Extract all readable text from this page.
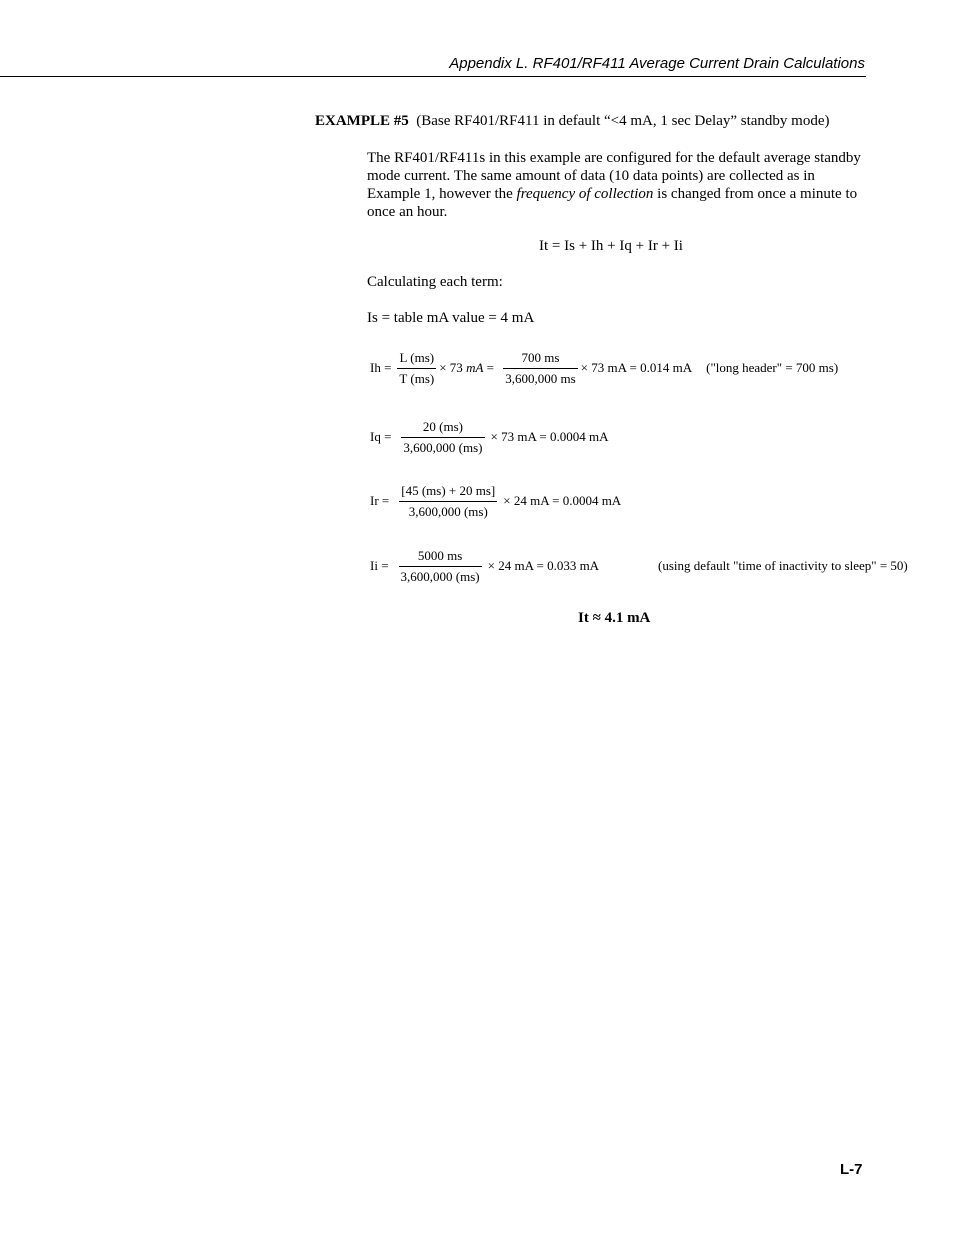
Appendix L. RF401/RF411 Average Current Drain Calculations
EXAMPLE #5 (Base RF401/RF411 in default “<4 mA, 1 sec Delay” standby mode)
The RF401/RF411s in this example are configured for the default average standby mode current. The same amount of data (10 data points) are collected as in Example 1, however the frequency of collection is changed from once a minute to once an hour.
It = Is + Ih + Iq + Ir + Ii
Calculating each term:
Is = table mA value = 4 mA
$Ih = \frac{L (ms)}{T (ms)} \times 73$ mA = $\frac{700 ms}{3,600,000 ms} \times 73$ mA = 0.014 mA ("long header" = 700 ms)
$Iq = \frac{20 (ms)}{3,600,000 (ms)} \times 73$ mA = 0.0004 mA
$Ir = \frac{[45 (ms) + 20 ms]}{3,600,000 (ms)} \times 24$ mA = 0.0004 mA
$Ii = \frac{5000 ms}{3,600,000 (ms)} \times 24$ mA = 0.033 mA	(using default "time of inactivity to sleep" = 50)
It ≈ 4.1 mA
L-7
